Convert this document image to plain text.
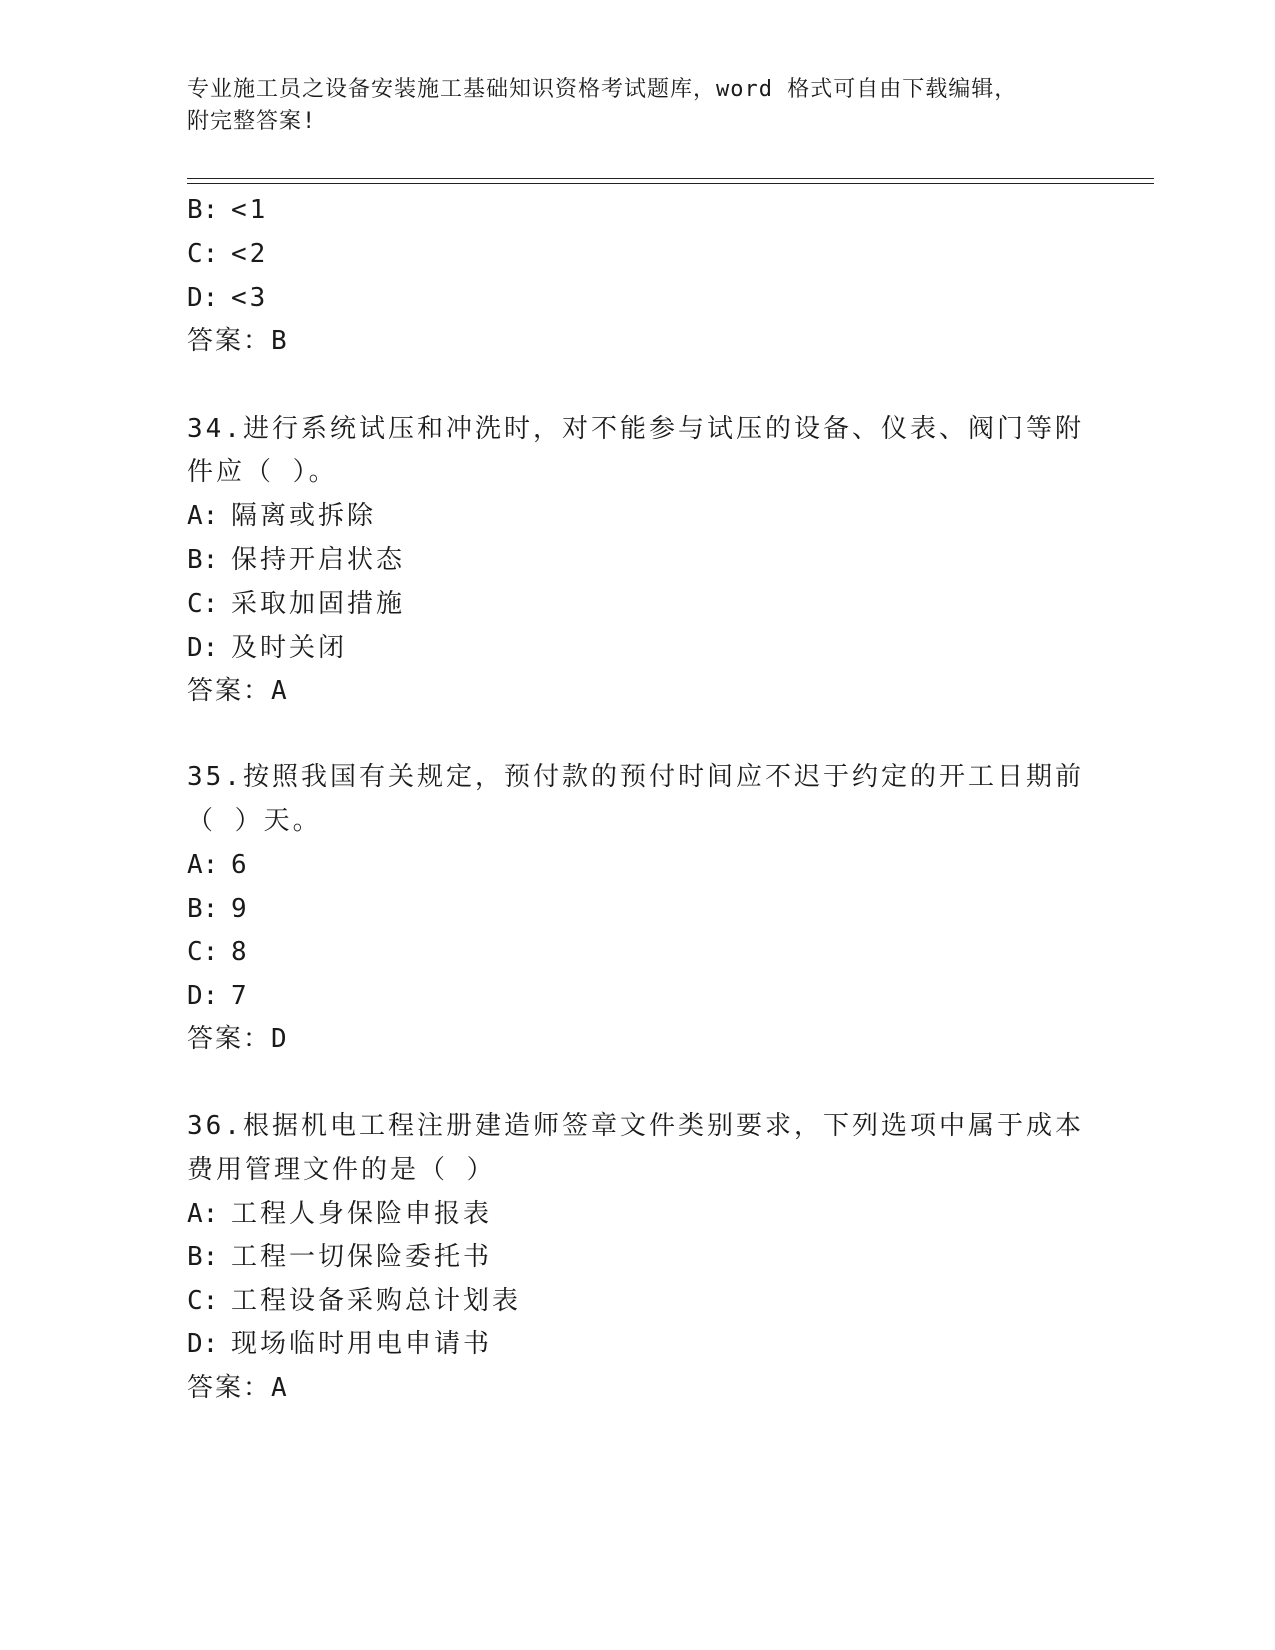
专业施工员之设备安装施工基础知识资格考试题库，word 格式可自由下载编辑，
附完整答案!
B: <1
C: <2
D: <3
答案：B
34.进行系统试压和冲洗时，对不能参与试压的设备、仪表、阀门等附
件应（ ）。
A: 隔离或拆除
B: 保持开启状态
C: 采取加固措施
D: 及时关闭
答案：A
35.按照我国有关规定，预付款的预付时间应不迟于约定的开工日期前
（ ）天。
A: 6
B: 9
C: 8
D: 7
答案：D
36.根据机电工程注册建造师签章文件类别要求，下列选项中属于成本
费用管理文件的是（ ）
A: 工程人身保险申报表
B: 工程一切保险委托书
C: 工程设备采购总计划表
D: 现场临时用电申请书
答案：A
